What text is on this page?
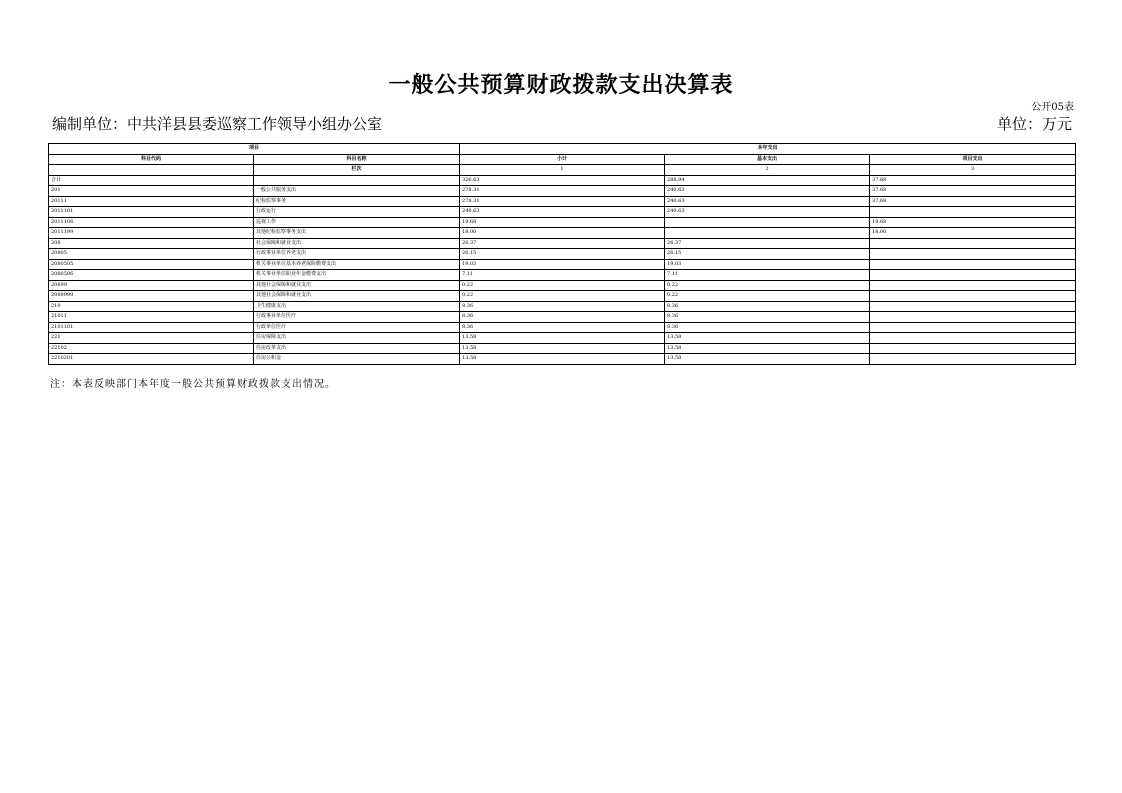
一般公共预算财政拨款支出决算表
公开05表
编制单位：中共洋县县委巡察工作领导小组办公室	单位：万元
项目		本年支出		
科目代码	科目名称	小计	基本支出	项目支出
	栏次	1	2	3
合计		326.63	288.94	37.68
201	一般公共服务支出	278.31	240.63	37.68
20111	纪检监察事务	278.31	240.63	37.68
2011101	行政运行	240.63	240.63	
2011106	巡视工作	19.68		19.68
2011199	其他纪检监察事务支出	18.00		18.00
208	社会保障和就业支出	26.37	26.37	
20805	行政事业单位养老支出	26.15	26.15	
2080505	机关事业单位基本养老保险缴费支出	19.03	19.03	
2080506	机关事业单位职业年金缴费支出	7.11	7.11	
20899	其他社会保障和就业支出	0.22	0.22	
2089999	其他社会保障和就业支出	0.22	0.22	
210	卫生健康支出	8.36	8.36	
21011	行政事业单位医疗	8.36	8.36	
2101101	行政单位医疗	8.36	8.36	
221	住房保障支出	13.58	13.58	
22102	住房改革支出	13.58	13.58	
2210201	住房公积金	13.58	13.58	
注：本表反映部门本年度一般公共预算财政拨款支出情况。
